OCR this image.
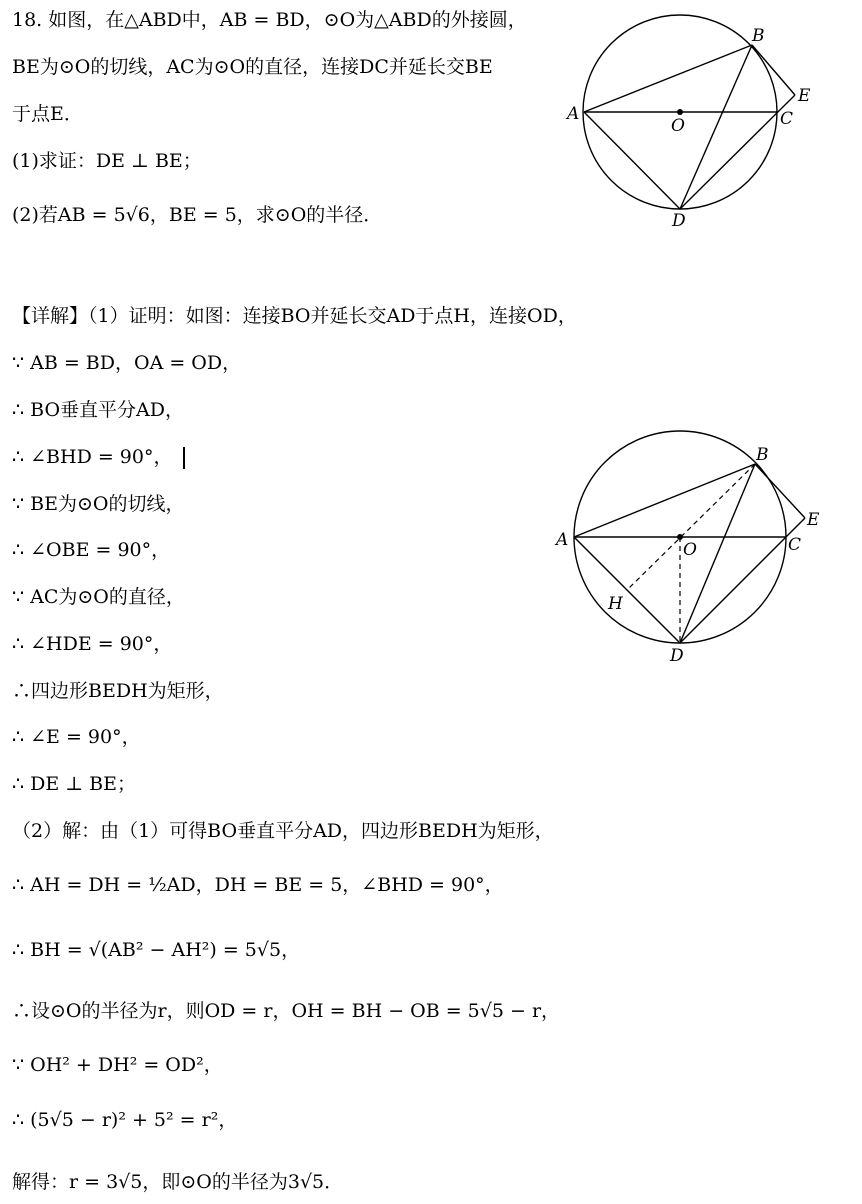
18. 如图，在△ABD中，AB = BD，⊙O为△ABD的外接圆，
BE为⊙O的切线，AC为⊙O的直径，连接DC并延长交BE
于点E．
(1)求证：DE ⊥ BE；
(2)若AB = 5√6，BE = 5，求⊙O的半径．
A
B
C
D
E
O
【详解】（1）证明：如图：连接BO并延长交AD于点H，连接OD，
∵ AB = BD，OA = OD，
∴ BO垂直平分AD，
∴ ∠BHD = 90°，
∵ BE为⊙O的切线，
∴ ∠OBE = 90°，
∵ AC为⊙O的直径，
∴ ∠HDE = 90°，
∴四边形BEDH为矩形，
∴ ∠E = 90°，
∴ DE ⊥ BE；
（2）解：由（1）可得BO垂直平分AD，四边形BEDH为矩形，
∴ AH = DH = ½AD，DH = BE = 5，∠BHD = 90°，
∴ BH = √(AB² − AH²) = 5√5，
∴设⊙O的半径为r，则OD = r，OH = BH − OB = 5√5 − r，
∵ OH² + DH² = OD²，
∴ (5√5 − r)² + 5² = r²，
解得：r = 3√5，即⊙O的半径为3√5．
A
B
C
D
E
O
H
